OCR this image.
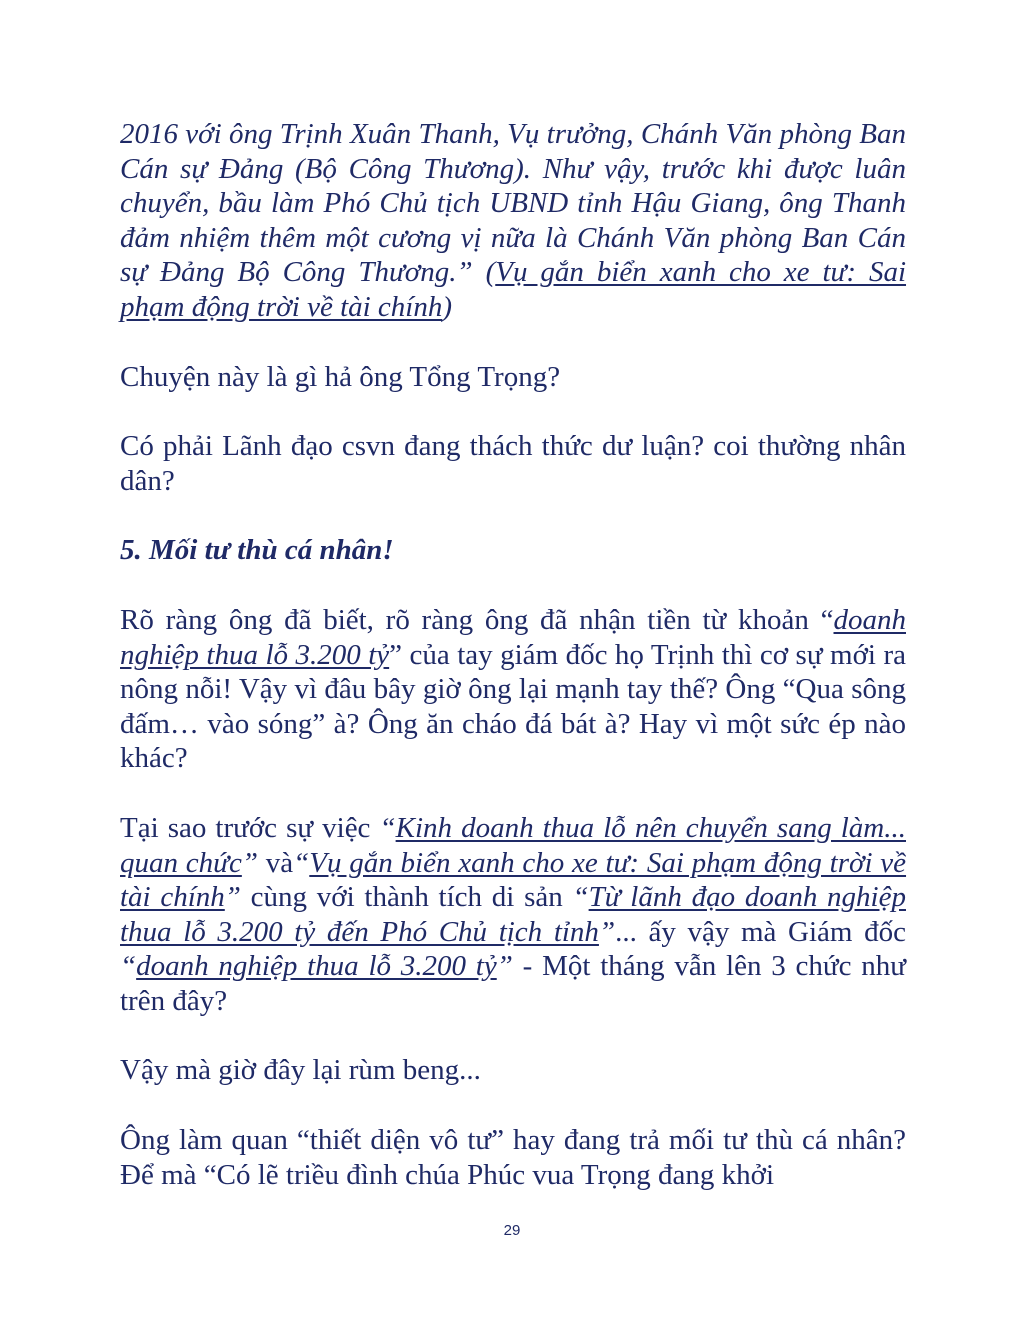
2016 với ông Trịnh Xuân Thanh, Vụ trưởng, Chánh Văn phòng Ban Cán sự Đảng (Bộ Công Thương). Như vậy, trước khi được luân chuyển, bầu làm Phó Chủ tịch UBND tỉnh Hậu Giang, ông Thanh đảm nhiệm thêm một cương vị nữa là Chánh Văn phòng Ban Cán sự Đảng Bộ Công Thương.” (Vụ gắn biển xanh cho xe tư: Sai phạm động trời về tài chính)

Chuyện này là gì hả ông Tổng Trọng?

Có phải Lãnh đạo csvn đang thách thức dư luận? coi thường nhân dân?

5. Mối tư thù cá nhân!

Rõ ràng ông đã biết, rõ ràng ông đã nhận tiền từ khoản “doanh nghiệp thua lỗ 3.200 tỷ” của tay giám đốc họ Trịnh thì cơ sự mới ra nông nỗi! Vậy vì đâu bây giờ ông lại mạnh tay thế? Ông “Qua sông đấm… vào sóng” à? Ông ăn cháo đá bát à? Hay vì một sức ép nào khác?

Tại sao trước sự việc “Kinh doanh thua lỗ nên chuyển sang làm... quan chức” và“Vụ gắn biển xanh cho xe tư: Sai phạm động trời về tài chính” cùng với thành tích di sản “Từ lãnh đạo doanh nghiệp thua lỗ 3.200 tỷ đến Phó Chủ tịch tỉnh”... ấy vậy mà Giám đốc “doanh nghiệp thua lỗ 3.200 tỷ” - Một tháng vẫn lên 3 chức như trên đây?

Vậy mà giờ đây lại rùm beng...

Ông làm quan “thiết diện vô tư” hay đang trả mối tư thù cá nhân? Để mà “Có lẽ triều đình chúa Phúc vua Trọng đang khởi

29
